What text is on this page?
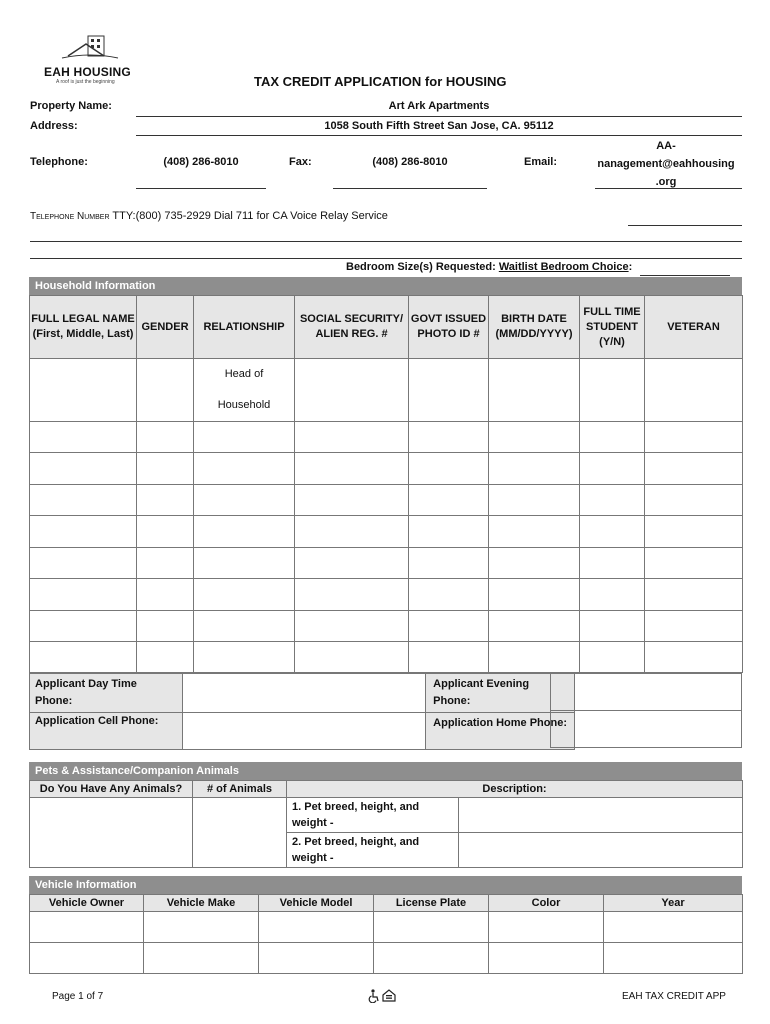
EAH HOUSING
A roof is just the beginning	TAX CREDIT APPLICATION for HOUSING
Property Name:	Art Ark Apartments
Address:	1058 South Fifth Street San Jose, CA. 95112
Telephone:	(408) 286-8010	Fax:	(408) 286-8010	Email:
AA-
nanagement@eahhousing
.org
Telephone Number TTY:(800) 735-2929 Dial 711 for CA Voice Relay Service
Bedroom Size(s) Requested: Waitlist Bedroom Choice:
Household Information
FULL LEGAL NAME (First, Middle, Last)	GENDER	RELATIONSHIP	SOCIAL SECURITY/ ALIEN REG. #	GOVT ISSUED PHOTO ID #	BIRTH DATE (MM/DD/YYYY)	FULL TIME STUDENT (Y/N)	VETERAN

		Head of
Household					

Applicant Day Time Phone:		Applicant Evening Phone:
Application Cell Phone:		Application Home Phone:

Pets & Assistance/Companion Animals
Do You Have Any Animals?	# of Animals	Description:	
		1. Pet breed, height, and weight -	
		2. Pet breed, height, and weight -	
Vehicle Information
Vehicle Owner	Vehicle Make	Vehicle Model	License Plate	Color	Year

Page 1 of 7	EAH TAX CREDIT APP
